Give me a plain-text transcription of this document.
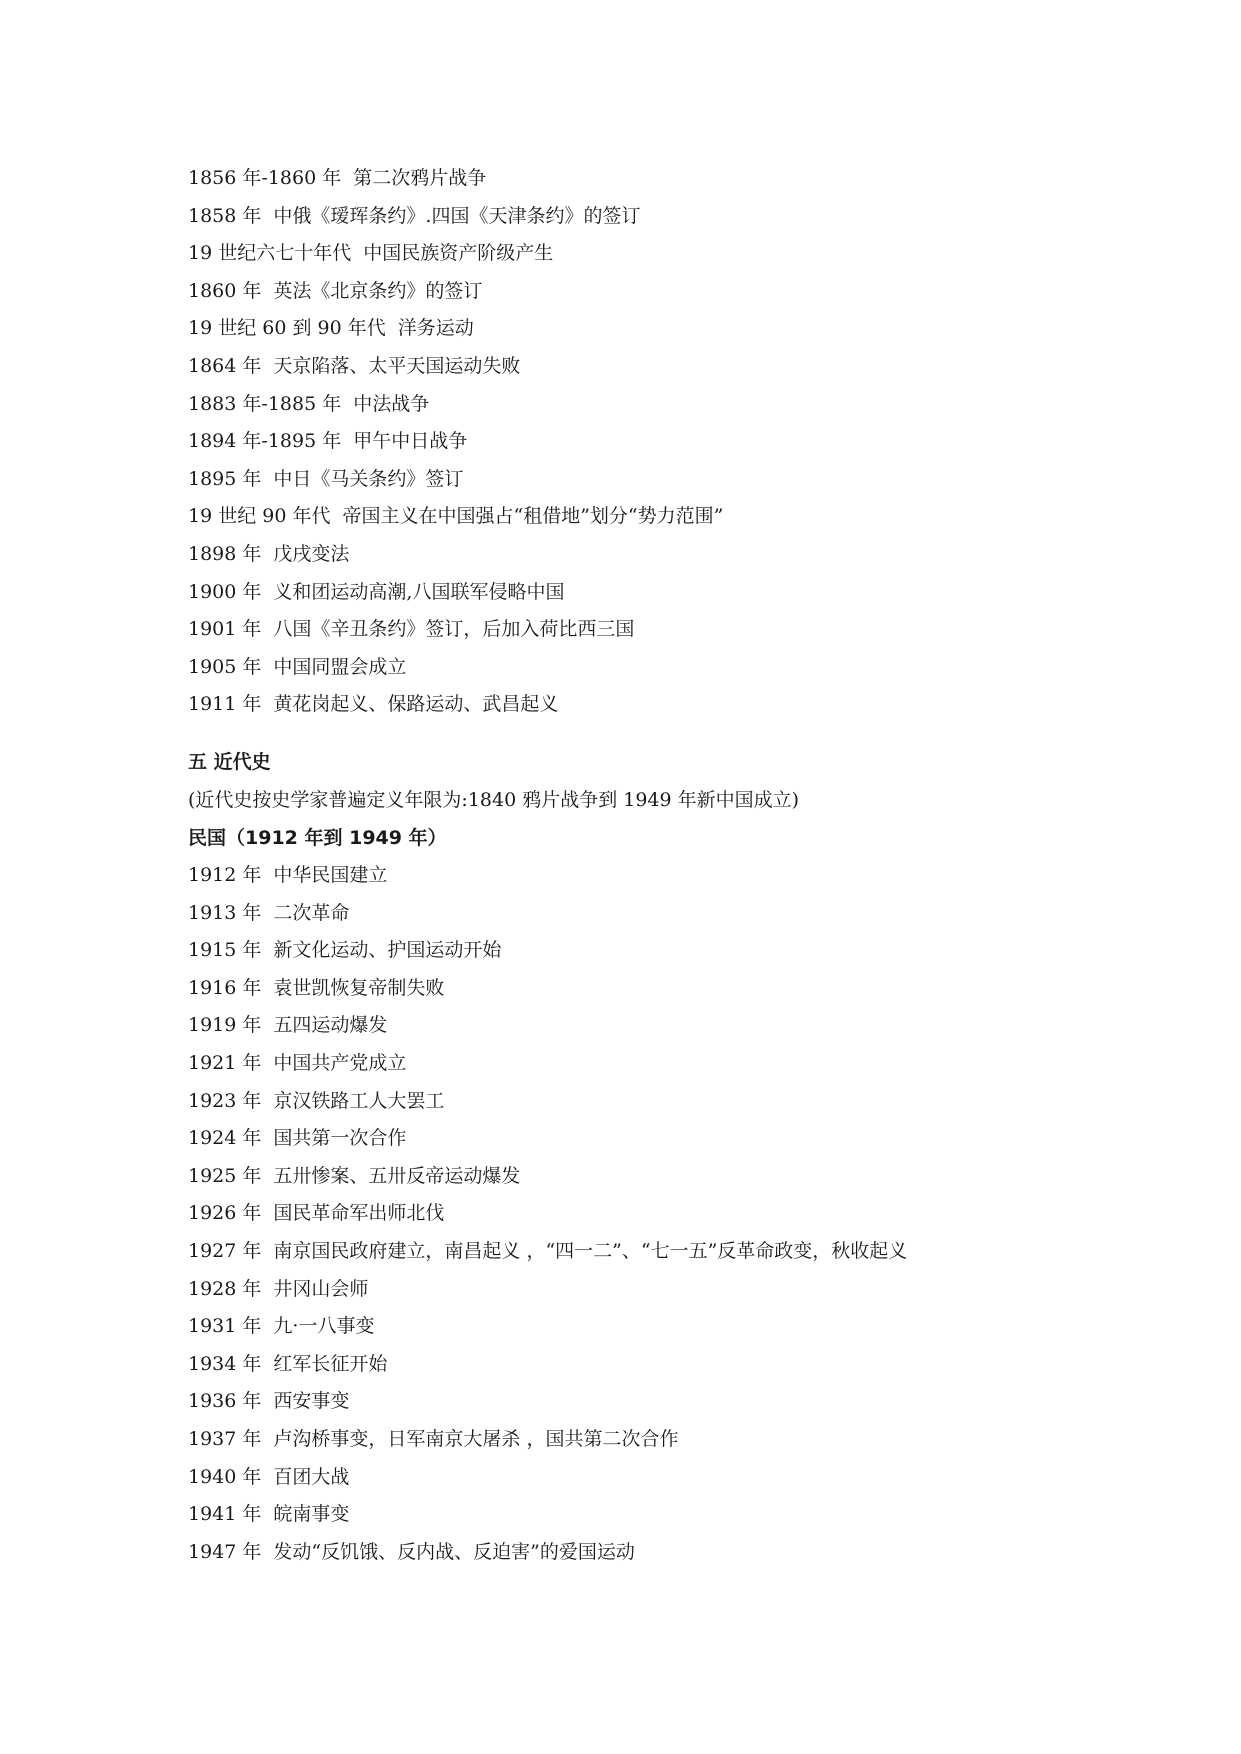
1856 年-1860 年 第二次鸦片战争
1858 年 中俄《瑷珲条约》.四国《天津条约》的签订
19 世纪六七十年代 中国民族资产阶级产生
1860 年 英法《北京条约》的签订
19 世纪 60 到 90 年代 洋务运动
1864 年 天京陷落、太平天国运动失败
1883 年-1885 年 中法战争
1894 年-1895 年 甲午中日战争
1895 年 中日《马关条约》签订
19 世纪 90 年代 帝国主义在中国强占“租借地”划分“势力范围”
1898 年 戊戌变法
1900 年 义和团运动高潮,八国联军侵略中国
1901 年 八国《辛丑条约》签订，后加入荷比西三国
1905 年 中国同盟会成立
1911 年 黄花岗起义、保路运动、武昌起义
五 近代史
(近代史按史学家普遍定义年限为:1840 鸦片战争到 1949 年新中国成立)
民国（1912 年到 1949 年）
1912 年 中华民国建立
1913 年 二次革命
1915 年 新文化运动、护国运动开始
1916 年 袁世凯恢复帝制失败
1919 年 五四运动爆发
1921 年 中国共产党成立
1923 年 京汉铁路工人大罢工
1924 年 国共第一次合作
1925 年 五卅惨案、五卅反帝运动爆发
1926 年 国民革命军出师北伐
1927 年 南京国民政府建立，南昌起义 ，“四一二”、“七一五”反革命政变，秋收起义
1928 年 井冈山会师
1931 年 九·一八事变
1934 年 红军长征开始
1936 年 西安事变
1937 年 卢沟桥事变，日军南京大屠杀 ，国共第二次合作
1940 年 百团大战
1941 年 皖南事变
1947 年 发动“反饥饿、反内战、反迫害”的爱国运动
